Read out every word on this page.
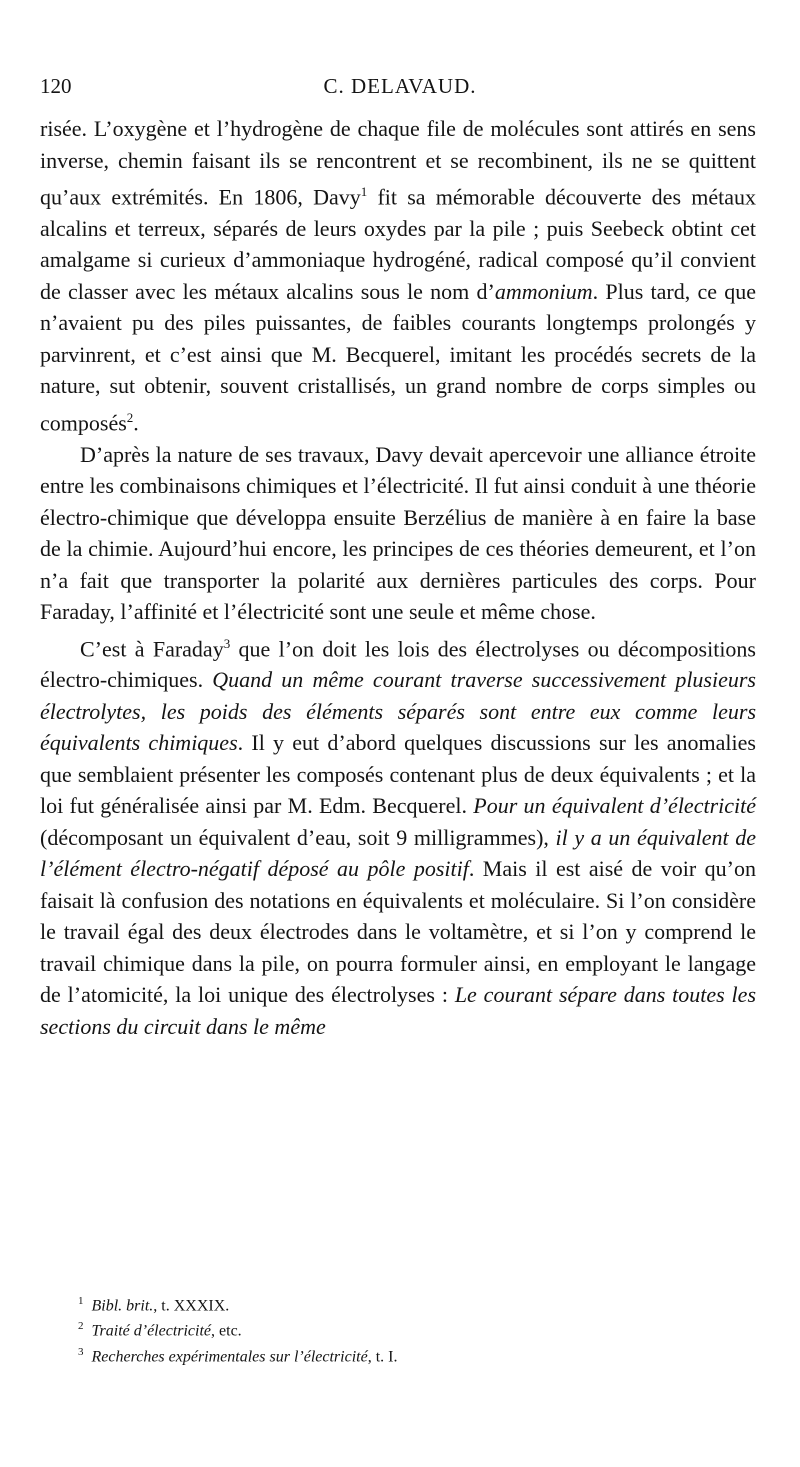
120	C. DELAVAUD.

risée. L’oxygène et l’hydrogène de chaque file de molécules sont attirés en sens inverse, chemin faisant ils se rencontrent et se recombinent, ils ne se quittent qu’aux extrémités. En 1806, Davy$^1$ fit sa mémorable découverte des métaux alcalins et terreux, séparés de leurs oxydes par la pile ; puis Seebeck obtint cet amalgame si curieux d’ammoniaque hydrogéné, radical composé qu’il convient de classer avec les métaux alcalins sous le nom d’ammonium. Plus tard, ce que n’avaient pu des piles puissantes, de faibles courants longtemps prolongés y parvinrent, et c’est ainsi que M. Becquerel, imitant les procédés secrets de la nature, sut obtenir, souvent cristallisés, un grand nombre de corps simples ou composés$^2$.

D’après la nature de ses travaux, Davy devait apercevoir une alliance étroite entre les combinaisons chimiques et l’électricité. Il fut ainsi conduit à une théorie électro-chimique que développa ensuite Berzélius de manière à en faire la base de la chimie. Aujourd’hui encore, les principes de ces théories demeurent, et l’on n’a fait que transporter la polarité aux dernières particules des corps. Pour Faraday, l’affinité et l’électricité sont une seule et même chose.

C’est à Faraday$^3$ que l’on doit les lois des électrolyses ou décompositions électro-chimiques. Quand un même courant traverse successivement plusieurs électrolytes, les poids des éléments séparés sont entre eux comme leurs équivalents chimiques. Il y eut d’abord quelques discussions sur les anomalies que semblaient présenter les composés contenant plus de deux équivalents ; et la loi fut généralisée ainsi par M. Edm. Becquerel. Pour un équivalent d’électricité (décomposant un équivalent d’eau, soit 9 milligrammes), il y a un équivalent de l’élément électro-négatif déposé au pôle positif. Mais il est aisé de voir qu’on faisait là confusion des notations en équivalents et moléculaire. Si l’on considère le travail égal des deux électrodes dans le voltamètre, et si l’on y comprend le travail chimique dans la pile, on pourra formuler ainsi, en employant le langage de l’atomicité, la loi unique des électrolyses : Le courant sépare dans toutes les sections du circuit dans le même

$^1$ Bibl. brit., t. XXXIX.

$^2$ Traité d’électricité, etc.

$^3$ Recherches expérimentales sur l’électricité, t. I.
